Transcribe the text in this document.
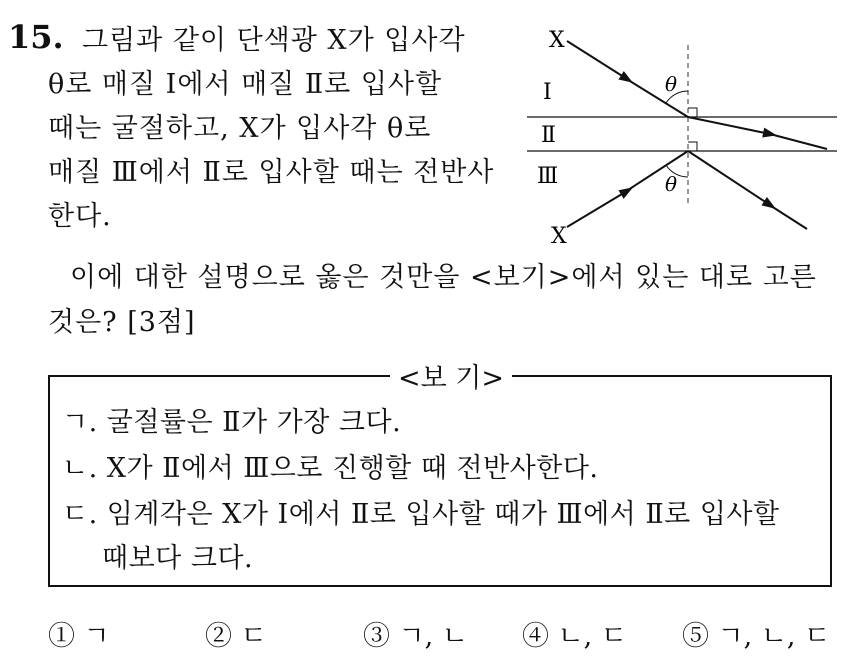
15. 그림과 같이 단색광 X가 입사각
θ로 매질 Ⅰ에서 매질 Ⅱ로 입사할
때는 굴절하고, X가 입사각 θ로
매질 Ⅲ에서 Ⅱ로 입사할 때는 전반사
한다.
X
X
Ⅰ
Ⅱ
Ⅲ
θ
θ
이에 대한 설명으로 옳은 것만을 <보기>에서 있는 대로 고른
것은? [3점]
<보 기>
ㄱ. 굴절률은 Ⅱ가 가장 크다.
ㄴ. X가 Ⅱ에서 Ⅲ으로 진행할 때 전반사한다.
ㄷ. 임계각은 X가 Ⅰ에서 Ⅱ로 입사할 때가 Ⅲ에서 Ⅱ로 입사할
때보다 크다.
① ㄱ	② ㄷ	③ ㄱ, ㄴ ④ ㄴ, ㄷ ⑤ ㄱ, ㄴ, ㄷ
